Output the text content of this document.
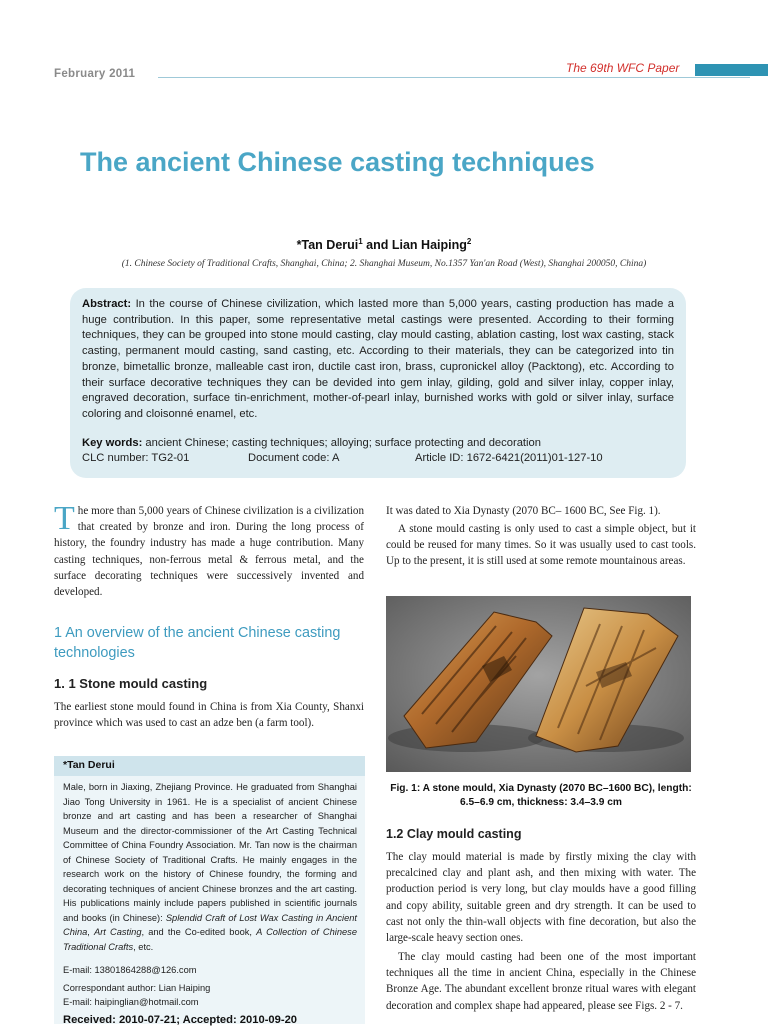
February 2011	The 69th WFC Paper
The ancient Chinese casting techniques
*Tan Derui$^1$ and Lian Haiping$^2$
(1. Chinese Society of Traditional Crafts, Shanghai, China; 2. Shanghai Museum, No.1357 Yan'an Road (West), Shanghai 200050, China)
Abstract: In the course of Chinese civilization, which lasted more than 5,000 years, casting production has made a huge contribution. In this paper, some representative metal castings were presented. According to their forming techniques, they can be grouped into stone mould casting, clay mould casting, ablation casting, lost wax casting, stack casting, permanent mould casting, sand casting, etc. According to their materials, they can be categorized into tin bronze, bimetallic bronze, malleable cast iron, ductile cast iron, brass, cupronickel alloy (Packtong), etc. According to their surface decorative techniques they can be devided into gem inlay, gilding, gold and silver inlay, copper inlay, engraved decoration, surface tin-enrichment, mother-of-pearl inlay, burnished works with gold or silver inlay, surface coloring and cloisonné enamel, etc.
Key words: ancient Chinese; casting techniques; alloying; surface protecting and decoration
CLC number: TG2-01	Document code: A	Article ID: 1672-6421(2011)01-127-10
The more than 5,000 years of Chinese civilization is a civilization that created by bronze and iron. During the long process of history, the foundry industry has made a huge contribution. Many casting techniques, non-ferrous metal & ferrous metal, and the surface decorating techniques were successively invented and developed.
1 An overview of the ancient Chinese casting technologies
1. 1 Stone mould casting
The earliest stone mould found in China is from Xia County, Shanxi province which was used to cast an adze ben (a farm tool).
*Tan Derui
Male, born in Jiaxing, Zhejiang Province. He graduated from Shanghai Jiao Tong University in 1961. He is a specialist of ancient Chinese bronze and art casting and has been a researcher of Shanghai Museum and the director-commissioner of the Art Casting Technical Committee of China Foundry Association. Mr. Tan now is the chairman of Chinese Society of Traditional Crafts. He mainly engages in the research work on the history of Chinese foundry, the forming and decorating techniques of ancient Chinese bronzes and the art casting. His publications mainly include papers published in scientific journals and books (in Chinese): Splendid Craft of Lost Wax Casting in Ancient China, Art Casting, and the Co-edited book, A Collection of Chinese Traditional Crafts, etc.
E-mail: 13801864288@126.com
Correspondant author: Lian Haiping
E-mail: haipinglian@hotmail.com
Received: 2010-07-21; Accepted: 2010-09-20
It was dated to Xia Dynasty (2070 BC– 1600 BC, See Fig. 1).
A stone mould casting is only used to cast a simple object, but it could be reused for many times. So it was usually used to cast tools. Up to the present, it is still used at some remote mountainous areas.
Fig. 1: A stone mould, Xia Dynasty (2070 BC–1600 BC), length: 6.5–6.9 cm, thickness: 3.4–3.9 cm
1.2 Clay mould casting
The clay mould material is made by firstly mixing the clay with precalcined clay and plant ash, and then mixing with water. The production period is very long, but clay moulds have a good filling and copy ability, suitable green and dry strength. It can be used to cast not only the thin-wall objects with fine decoration, but also the large-scale heavy section ones.
The clay mould casting had been one of the most important techniques all the time in ancient China, especially in the Chinese Bronze Age. The abundant excellent bronze ritual wares with elegant decoration and complex shape had appeared, please see Figs. 2 - 7.
